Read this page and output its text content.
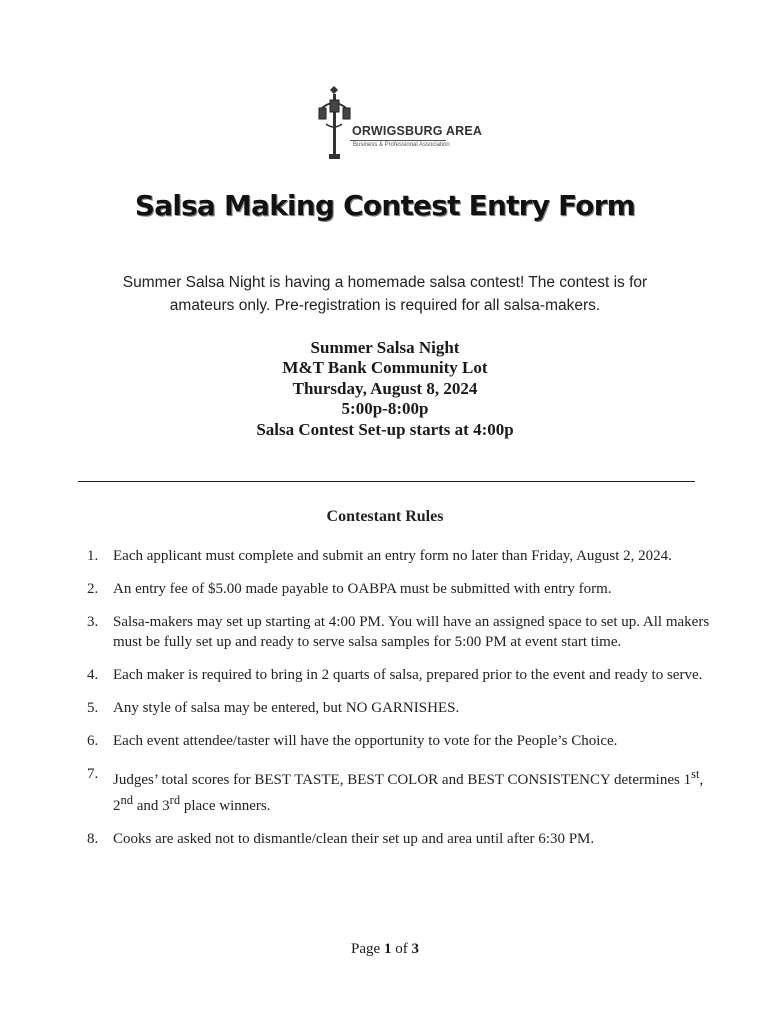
ORWIGSBURG AREA
Business & Professional Association
Salsa Making Contest Entry Form
Summer Salsa Night is having a homemade salsa contest! The contest is for
amateurs only. Pre-registration is required for all salsa-makers.
Summer Salsa Night
M&T Bank Community Lot
Thursday, August 8, 2024
5:00p-8:00p
Salsa Contest Set-up starts at 4:00p
Contestant Rules
1. Each applicant must complete and submit an entry form no later than Friday, August 2, 2024.
2. An entry fee of $5.00 made payable to OABPA must be submitted with entry form.
3. Salsa-makers may set up starting at 4:00 PM. You will have an assigned space to set up. All makers must be fully set up and ready to serve salsa samples for 5:00 PM at event start time.
4. Each maker is required to bring in 2 quarts of salsa, prepared prior to the event and ready to serve.
5. Any style of salsa may be entered, but NO GARNISHES.
6. Each event attendee/taster will have the opportunity to vote for the People’s Choice.
7. Judges’ total scores for BEST TASTE, BEST COLOR and BEST CONSISTENCY determines 1st, 2nd and 3rd place winners.
8. Cooks are asked not to dismantle/clean their set up and area until after 6:30 PM.
Page 1 of 3
